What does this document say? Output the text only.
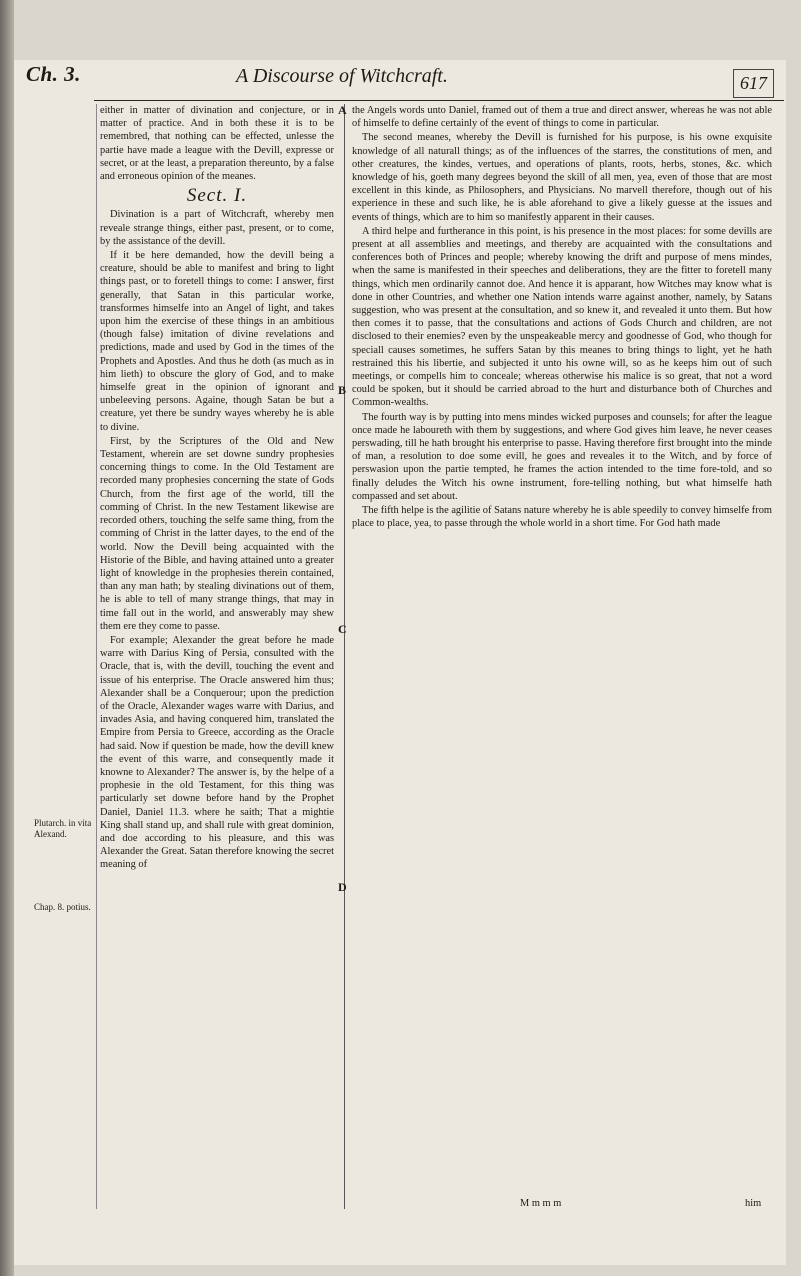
Ch. 3.	A Discourse of Witchcraft.	617
Plutarch. in vita Alexand.
Chap. 8. potius.
A
B
C
D

either in matter of divination and conjecture, or in matter of practice. And in both these it is to be remembred, that nothing can be effected, unlesse the partie have made a league with the Devill, expresse or secret, or at the least, a preparation thereunto, by a false and erroneous opinion of the meanes.

Sect. I.

Divination is a part of Witchcraft, whereby men reveale strange things, either past, present, or to come, by the assistance of the devill.

If it be here demanded, how the devill being a creature, should be able to manifest and bring to light things past, or to foretell things to come: I answer, first generally, that Satan in this particular worke, transformes himselfe into an Angel of light, and takes upon him the exercise of these things in an ambitious (though false) imitation of divine revelations and predictions, made and used by God in the times of the Prophets and Apostles. And thus he doth (as much as in him lieth) to obscure the glory of God, and to make himselfe great in the opinion of ignorant and unbeleeving persons. Againe, though Satan be but a creature, yet there be sundry wayes whereby he is able to divine.

First, by the Scriptures of the Old and New Testament, wherein are set downe sundry prophesies concerning things to come. In the Old Testament are recorded many prophesies concerning the state of Gods Church, from the first age of the world, till the comming of Christ. In the new Testament likewise are recorded others, touching the selfe same thing, from the comming of Christ in the latter dayes, to the end of the world. Now the Devill being acquainted with the Historie of the Bible, and having attained unto a greater light of knowledge in the prophesies therein contained, than any man hath; by stealing divinations out of them, he is able to tell of many strange things, that may in time fall out in the world, and answerably may shew them ere they come to passe.

For example; Alexander the great before he made warre with Darius King of Persia, consulted with the Oracle, that is, with the devill, touching the event and issue of his enterprise. The Oracle answered him thus; Alexander shall be a Conquerour; upon the prediction of the Oracle, Alexander wages warre with Darius, and invades Asia, and having conquered him, translated the Empire from Persia to Greece, according as the Oracle had said. Now if question be made, how the devill knew the event of this warre, and consequently made it knowne to Alexander? The answer is, by the helpe of a prophesie in the old Testament, for this thing was particularly set downe before hand by the Prophet Daniel, Daniel 11.3. where he saith; That a mightie King shall stand up, and shall rule with great dominion, and doe according to his pleasure, and this was Alexander the Great. Satan therefore knowing the secret meaning of

the Angels words unto Daniel, framed out of them a true and direct answer, whereas he was not able of himselfe to define certainly of the event of things to come in particular.

The second meanes, whereby the Devill is furnished for his purpose, is his owne exquisite knowledge of all naturall things; as of the influences of the starres, the constitutions of men, and other creatures, the kindes, vertues, and operations of plants, roots, herbs, stones, &c. which knowledge of his, goeth many degrees beyond the skill of all men, yea, even of those that are most excellent in this kinde, as Philosophers, and Physicians. No marvell therefore, though out of his experience in these and such like, he is able aforehand to give a likely guesse at the issues and events of things, which are to him so manifestly apparent in their causes.

A third helpe and furtherance in this point, is his presence in the most places: for some devills are present at all assemblies and meetings, and thereby are acquainted with the consultations and conferences both of Princes and people; whereby knowing the drift and purpose of mens mindes, when the same is manifested in their speeches and deliberations, they are the fitter to foretell many things, which men ordinarily cannot doe. And hence it is apparant, how Witches may know what is done in other Countries, and whether one Nation intends warre against another, namely, by Satans suggestion, who was present at the consultation, and so knew it, and revealed it unto them. But how then comes it to passe, that the consultations and actions of Gods Church and children, are not disclosed to their enemies? even by the unspeakeable mercy and goodnesse of God, who though for speciall causes sometimes, he suffers Satan by this meanes to bring things to light, yet he hath restrained this his libertie, and subjected it unto his owne will, so as he keeps him out of such meetings, or compells him to conceale; whereas otherwise his malice is so great, that not a word could be spoken, but it should be carried abroad to the hurt and disturbance both of Churches and Common-wealths.

The fourth way is by putting into mens mindes wicked purposes and counsels; for after the league once made he laboureth with them by suggestions, and where God gives him leave, he never ceases perswading, till he hath brought his enterprise to passe. Having therefore first brought into the minde of man, a resolution to doe some evill, he goes and reveales it to the Witch, and by force of perswasion upon the partie tempted, he frames the action intended to the time fore-told, and so finally deludes the Witch his owne instrument, fore-telling nothing, but what himselfe hath compassed and set about.

The fifth helpe is the agilitie of Satans nature whereby he is able speedily to convey himselfe from place to place, yea, to passe through the whole world in a short time. For God hath made

M m m m	him
